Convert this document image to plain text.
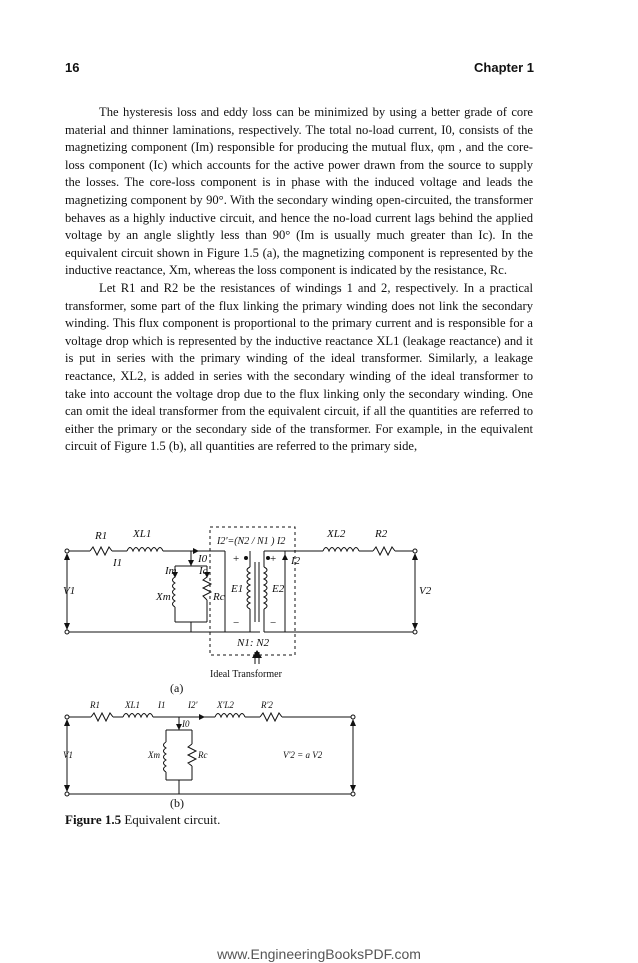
16	Chapter 1

The hysteresis loss and eddy loss can be minimized by using a better grade of core material and thinner laminations, respectively. The total no-load current, I0, consists of the magnetizing component (Im) responsible for producing the mutual flux, φm , and the core-loss component (Ic) which accounts for the active power drawn from the source to supply the losses. The core-loss component is in phase with the induced voltage and leads the magnetizing component by 90°. With the secondary winding open-circuited, the transformer behaves as a highly inductive circuit, and hence the no-load current lags behind the applied voltage by an angle slightly less than 90° (Im is usually much greater than Ic). In the equivalent circuit shown in Figure 1.5 (a), the magnetizing component is represented by the inductive reactance, Xm, whereas the loss component is indicated by the resistance, Rc.

Let R1 and R2 be the resistances of windings 1 and 2, respectively. In a practical transformer, some part of the flux linking the primary winding does not link the secondary winding. This flux component is proportional to the primary current and is responsible for a voltage drop which is represented by the inductive reactance XL1 (leakage reactance) and it is put in series with the primary winding of the ideal transformer. Similarly, a leakage reactance, XL2, is added in series with the secondary winding of the ideal transformer to take into account the voltage drop due to the flux linking only the secondary winding. One can omit the ideal transformer from the equivalent circuit, if all the quantities are referred to either the primary or the secondary side of the transformer. For example, in the equivalent circuit of Figure 1.5 (b), all quantities are referred to the primary side,

R1 XL1
I1	I0
Im Ic
Xm	Rc
V1	E1	E2
I2'=(N2 / N1 ) I2
I2
XL2	R2
V2
+	+
−	−
N1: N2
Ideal Transformer
(a)
R1	XL1 I1	I2' X'L2	R'2
I0
Xm	Rc
V1	V'2 = a V2
(b)
Figure 1.5 Equivalent circuit.
www.EngineeringBooksPDF.com
